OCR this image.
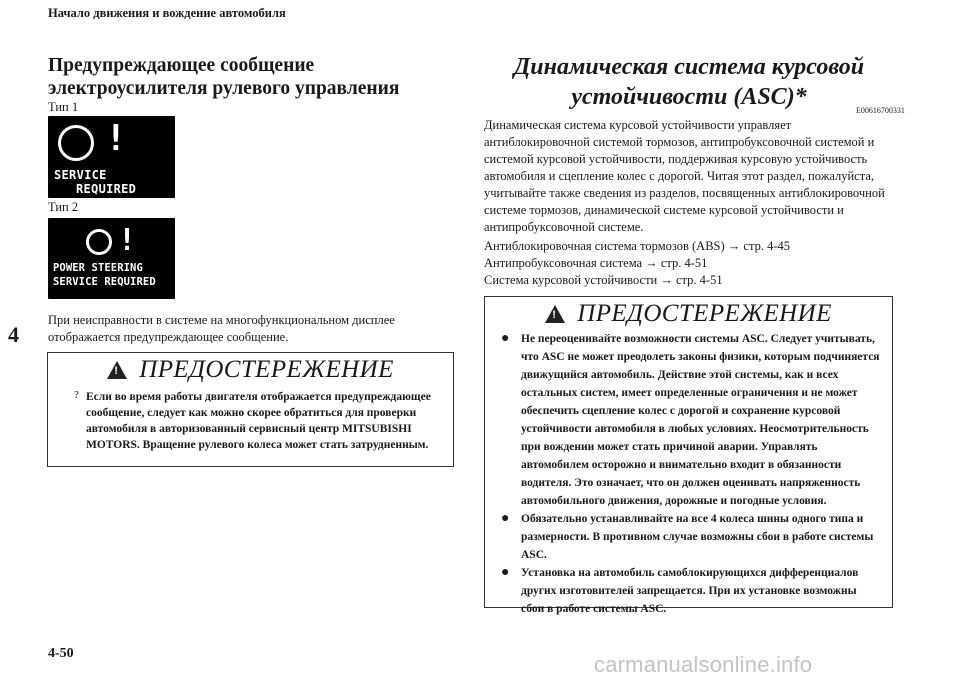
Начало движения и вождение автомобиля
4
4-50	carmanualsonline.info
Предупреждающее сообщение
электроусилителя рулевого управления
Тип 1
!
SERVICE
REQUIRED
Тип 2
!
POWER STEERING
SERVICE REQUIRED
При неисправности в системе на многофункциональном дисплее отображается предупреждающее сообщение.
!
ПРЕДОСТЕРЕЖЕНИЕ
? Если во время работы двигателя отображается предупреждающее сообщение, следует как можно скорее обратиться для проверки автомобиля в авторизованный сервисный центр MITSUBISHI MOTORS. Вращение рулевого колеса может стать затрудненным.
Динамическая система курсовой
устойчивости (ASC)*
E00616700331
Динамическая система курсовой устойчивости управляет антиблокировочной системой тормозов, антипробуксовочной системой и системой курсовой устойчивости, поддерживая курсовую устойчивость автомобиля и сцепление колес с дорогой. Читая этот раздел, пожалуйста, учитывайте также сведения из разделов, посвященных антиблокировочной системе тормозов, динамической системе курсовой устойчивости и антипробуксовочной системе.
Антиблокировочная система тормозов (ABS) → стр. 4-45
Антипробуксовочная система → стр. 4-51
Система курсовой устойчивости → стр. 4-51
!
ПРЕДОСТЕРЕЖЕНИЕ
● Не переоценивайте возможности системы ASC. Следует учитывать, что ASC не может преодолеть законы физики, которым подчиняется движущийся автомобиль. Действие этой системы, как и всех остальных систем, имеет определенные ограничения и не может обеспечить сцепление колес с дорогой и сохранение курсовой устойчивости автомобиля в любых условиях. Неосмотрительность при вождении может стать причиной аварии. Управлять автомобилем осторожно и внимательно входит в обязанности водителя. Это означает, что он должен оценивать напряженность автомобильного движения, дорожные и погодные условия.
● Обязательно устанавливайте на все 4 колеса шины одного типа и размерности. В противном случае возможны сбои в работе системы ASC.
● Установка на автомобиль самоблокирующихся дифференциалов других изготовителей запрещается. При их установке возможны сбои в работе системы ASC.
